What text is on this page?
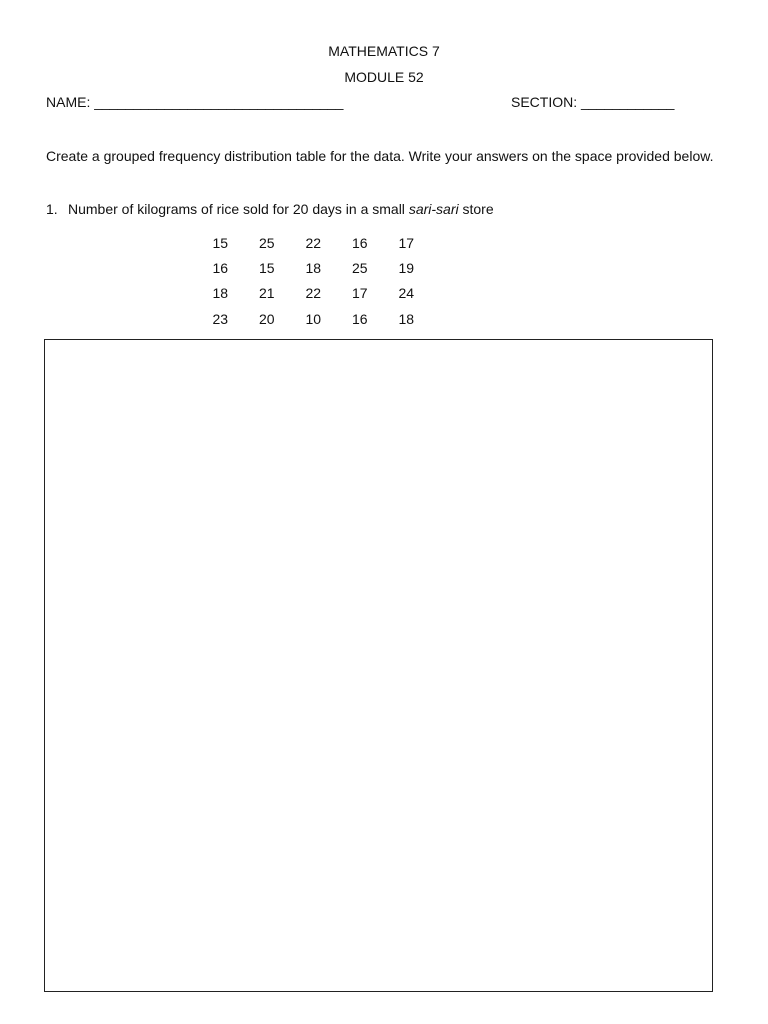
MATHEMATICS 7
MODULE 52
NAME: ________________________________	SECTION: ____________
Create a grouped frequency distribution table for the data. Write your answers on the space provided below.
1. Number of kilograms of rice sold for 20 days in a small sari-sari store
15	25	22	16	17
16	15	18	25	19
18	21	22	17	24
23	20	10	16	18
